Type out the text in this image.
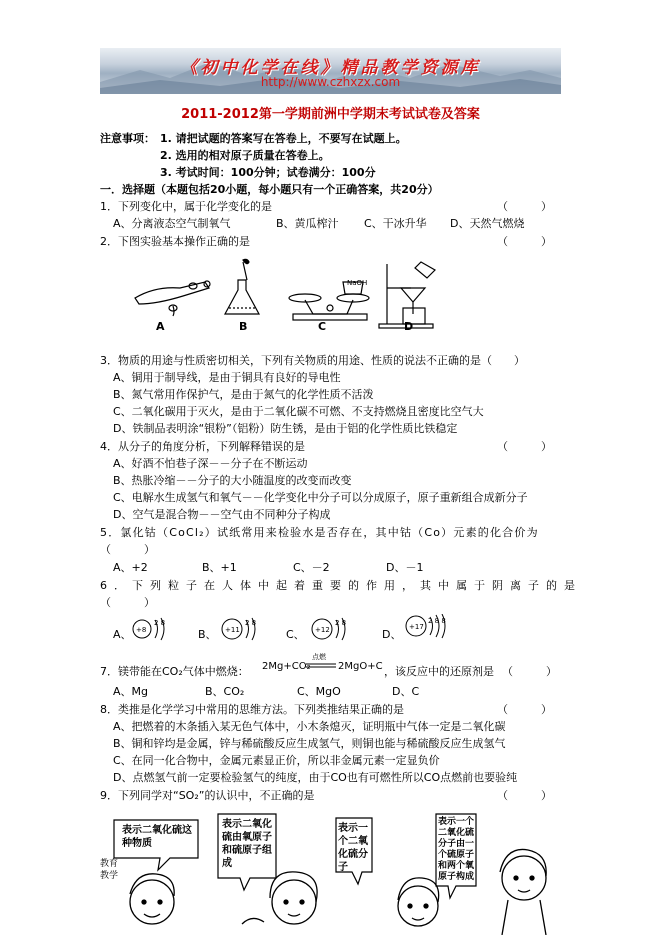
《初中化学在线》精品教学资源库
http://www.czhxzx.com
2011-2012第一学期前洲中学期末考试试卷及答案
注意事项： 1. 请把试题的答案写在答卷上，不要写在试题上。
2. 选用的相对原子质量在答卷上。
3. 考试时间：100分钟；试卷满分：100分
一．选择题（本题包括20小题，每小题只有一个正确答案，共20分）
1．下列变化中，属于化学变化的是	（　　　）
A、分离液态空气制氧气	B、黄瓜榨汁 C、干冰升华 D、天然气燃烧
2．下图实验基本操作正确的是	（　　　）
NaOH
A	B	C	D
3．物质的用途与性质密切相关，下列有关物质的用途、性质的说法不正确的是（　　）
A、铜用于制导线，是由于铜具有良好的导电性
B、氮气常用作保护气，是由于氮气的化学性质不活泼
C、二氧化碳用于灭火，是由于二氧化碳不可燃、不支持燃烧且密度比空气大
D、铁制品表明涂“银粉”（铝粉）防生锈，是由于铝的化学性质比铁稳定
4．从分子的角度分析，下列解释错误的是	（　　　）
A、好酒不怕巷子深－－分子在不断运动
B、热胀冷缩－－分子的大小随温度的改变而改变
C、电解水生成氢气和氧气－－化学变化中分子可以分成原子，原子重新组合成新分子
D、空气是混合物－－空气由不同种分子构成
5．氯化钴（CoCl₂）试纸常用来检验水是否存在，其中钴（Co）元素的化合价为
（　　　）
A、+2	B、+1	C、－2	D、－1
6．下列粒子在人体中起着重要的作用，其中属于阴离子的是
（　　　）
A、	B、	C、	D、
+8
2 8
+11
2 8
+12
2 8	+17
2 8 8
7．镁带能在CO₂气体中燃烧： 2Mg+CO₂
点燃
2MgO+C ，该反应中的还原剂是 （　　　）
A、Mg	B、CO₂	C、MgO	D、C
8．类推是化学学习中常用的思维方法。下列类推结果正确的是	（　　　）
A、把燃着的木条插入某无色气体中，小木条熄灭，证明瓶中气体一定是二氧化碳
B、铜和锌均是金属，锌与稀硫酸反应生成氢气，则铜也能与稀硫酸反应生成氢气
C、在同一化合物中，金属元素显正价，所以非金属元素一定显负价
D、点燃氢气前一定要检验氢气的纯度，由于CO也有可燃性所以CO点燃前也要验纯
9．下列同学对“SO₂”的认识中，不正确的是	（　　　）
表示二氧化硫这种物质
表示二氧化硫由氧原子和硫原子组成
表示一个二氧化硫分子
表示一个二氧化硫分子由一个硫原子和两个氧原子构成
教育
教学
